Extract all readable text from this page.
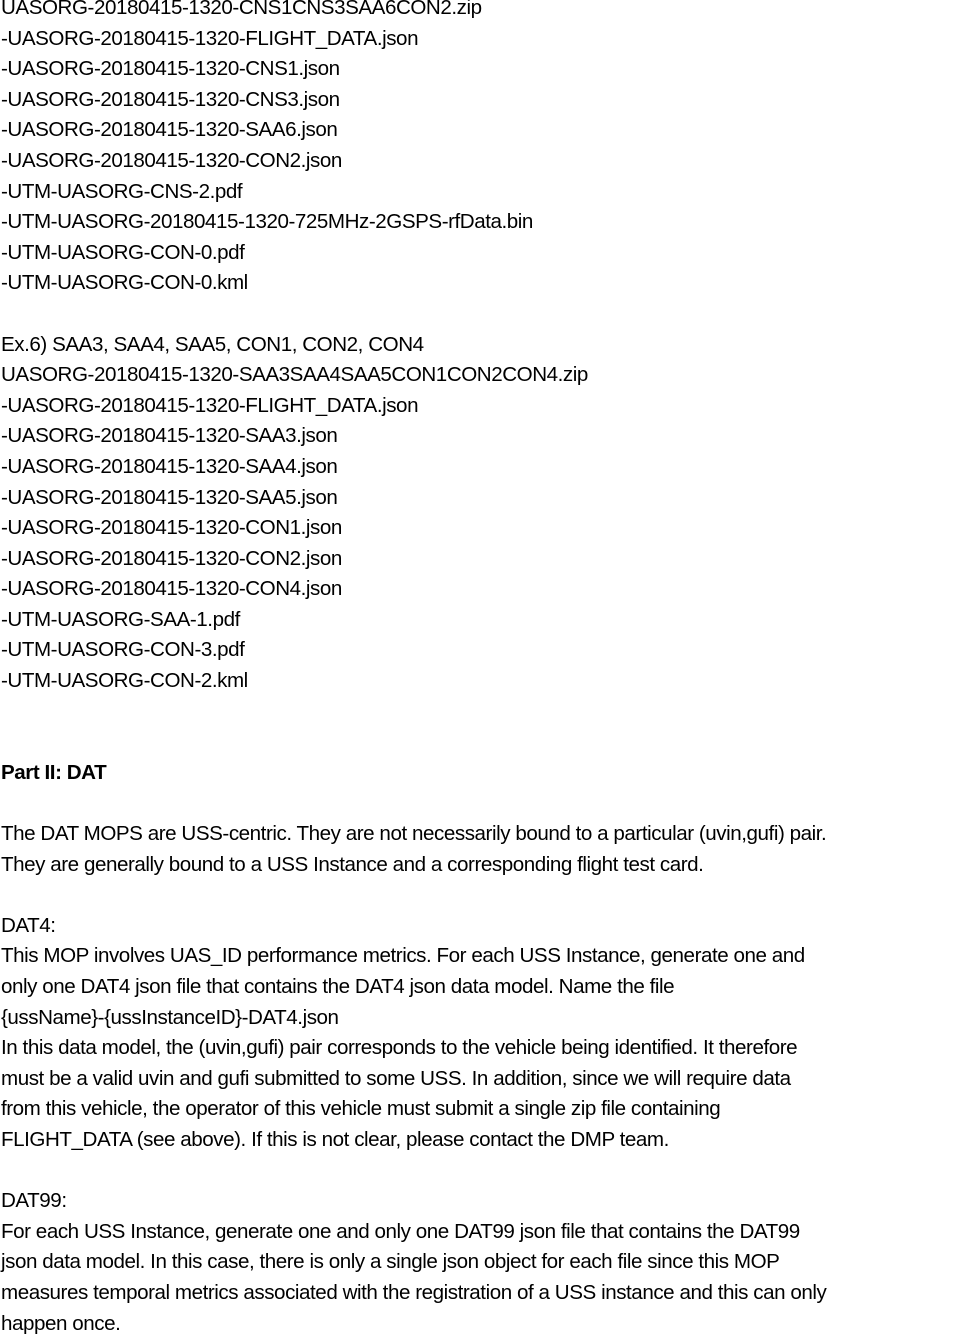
UASORG-20180415-1320-CNS1CNS3SAA6CON2.zip
-UASORG-20180415-1320-FLIGHT_DATA.json
-UASORG-20180415-1320-CNS1.json
-UASORG-20180415-1320-CNS3.json
-UASORG-20180415-1320-SAA6.json
-UASORG-20180415-1320-CON2.json
-UTM-UASORG-CNS-2.pdf
-UTM-UASORG-20180415-1320-725MHz-2GSPS-rfData.bin
-UTM-UASORG-CON-0.pdf
-UTM-UASORG-CON-0.kml
Ex.6) SAA3, SAA4, SAA5, CON1, CON2, CON4
UASORG-20180415-1320-SAA3SAA4SAA5CON1CON2CON4.zip
-UASORG-20180415-1320-FLIGHT_DATA.json
-UASORG-20180415-1320-SAA3.json
-UASORG-20180415-1320-SAA4.json
-UASORG-20180415-1320-SAA5.json
-UASORG-20180415-1320-CON1.json
-UASORG-20180415-1320-CON2.json
-UASORG-20180415-1320-CON4.json
-UTM-UASORG-SAA-1.pdf
-UTM-UASORG-CON-3.pdf
-UTM-UASORG-CON-2.kml
Part II: DAT
The DAT MOPS are USS-centric. They are not necessarily bound to a particular (uvin,gufi) pair.
They are generally bound to a USS Instance and a corresponding flight test card.
DAT4:
This MOP involves UAS_ID performance metrics. For each USS Instance, generate one and
only one DAT4 json file that contains the DAT4 json data model. Name the file
{ussName}-{ussInstanceID}-DAT4.json
In this data model, the (uvin,gufi) pair corresponds to the vehicle being identified. It therefore
must be a valid uvin and gufi submitted to some USS. In addition, since we will require data
from this vehicle, the operator of this vehicle must submit a single zip file containing
FLIGHT_DATA (see above). If this is not clear, please contact the DMP team.
DAT99:
For each USS Instance, generate one and only one DAT99 json file that contains the DAT99
json data model. In this case, there is only a single json object for each file since this MOP
measures temporal metrics associated with the registration of a USS instance and this can only
happen once.
